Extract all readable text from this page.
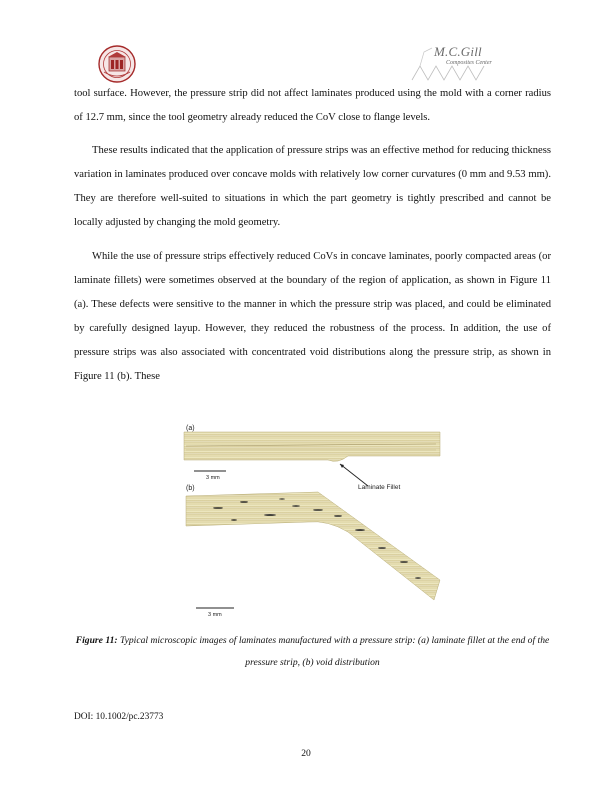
M.C.Gill
Composites Center

tool surface. However, the pressure strip did not affect laminates produced using the mold with a corner radius of 12.7 mm, since the tool geometry already reduced the CoV close to flange levels.

These results indicated that the application of pressure strips was an effective method for reducing thickness variation in laminates produced over concave molds with relatively low corner curvatures (0 mm and 9.53 mm). They are therefore well-suited to situations in which the part geometry is tightly prescribed and cannot be locally adjusted by changing the mold geometry.

While the use of pressure strips effectively reduced CoVs in concave laminates, poorly compacted areas (or laminate fillets) were sometimes observed at the boundary of the region of application, as shown in Figure 11 (a). These defects were sensitive to the manner in which the pressure strip was placed, and could be eliminated by carefully designed layup. However, they reduced the robustness of the process. In addition, the use of pressure strips was also associated with concentrated void distributions along the pressure strip, as shown in Figure 11 (b). These

(a)
3 mm
Laminate Fillet
(b)
3 mm

Figure 11: Typical microscopic images of laminates manufactured with a pressure strip: (a) laminate fillet at the end of the pressure strip, (b) void distribution

DOI: 10.1002/pc.23773
20
